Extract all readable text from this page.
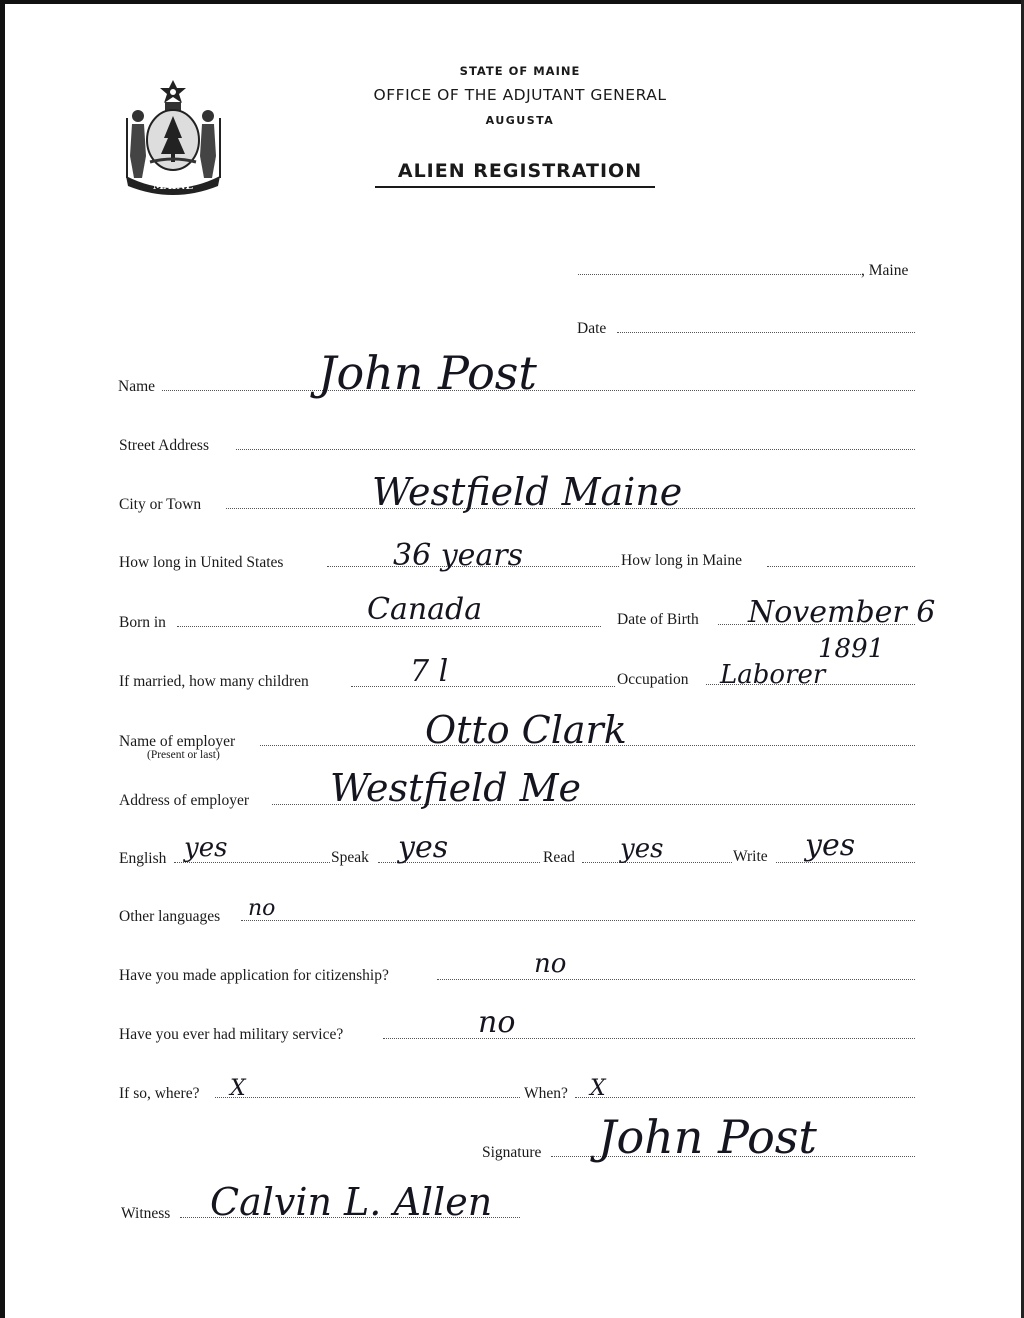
MAINE
STATE OF MAINE
OFFICE OF THE ADJUTANT GENERAL
AUGUSTA
ALIEN REGISTRATION
, Maine
Date
Name	John Post
Street Address
City or Town	Westfield Maine
How long in United States	36 years	How long in Maine
Born in	Canada	Date of Birth November 6
1891
If married, how many children	7 l	Occupation Laborer
Name of employer
(Present or last)
Otto Clark
Address of employer Westfield Me
English yes	Speak yes	Read yes	Write yes
Other languages no
Have you made application for citizenship?	no
Have you ever had military service?	no
If so, where? X	When? X
Signature John Post
Witness Calvin L. Allen
